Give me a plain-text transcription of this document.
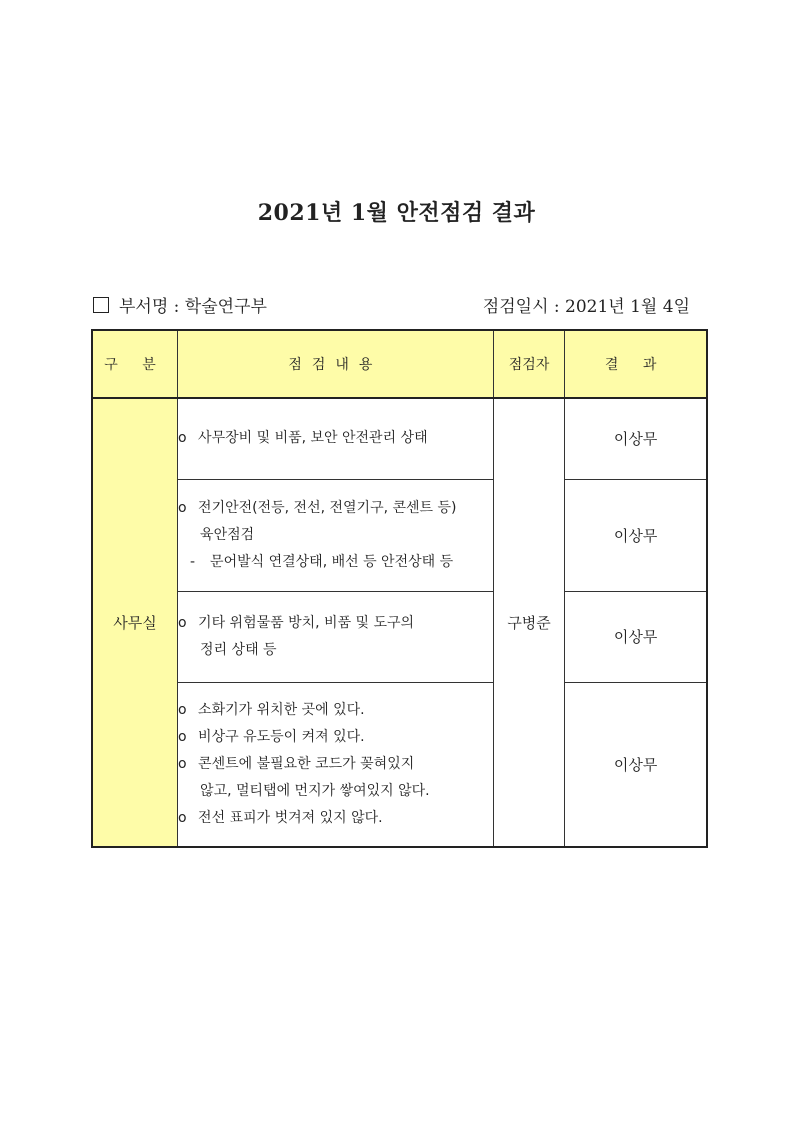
2021년 1월 안전점검 결과
부서명 : 학술연구부	점검일시 : 2021년 1월 4일
구 분	점검내용	점검자	결 과
사무실	o 사무장비 및 비품, 보안 안전관리 상태	구병준	이상무

	o 전기안전(전등, 전선, 전열기구, 콘센트 등)
육안점검
- 문어발식 연결상태, 배선 등 안전상태 등		이상무

	o 기타 위험물품 방치, 비품 및 도구의
정리 상태 등		이상무

	o 소화기가 위치한 곳에 있다.
o 비상구 유도등이 켜져 있다.
o 콘센트에 불필요한 코드가 꽂혀있지
않고, 멀티탭에 먼지가 쌓여있지 않다.
o 전선 표피가 벗겨져 있지 않다.		이상무
